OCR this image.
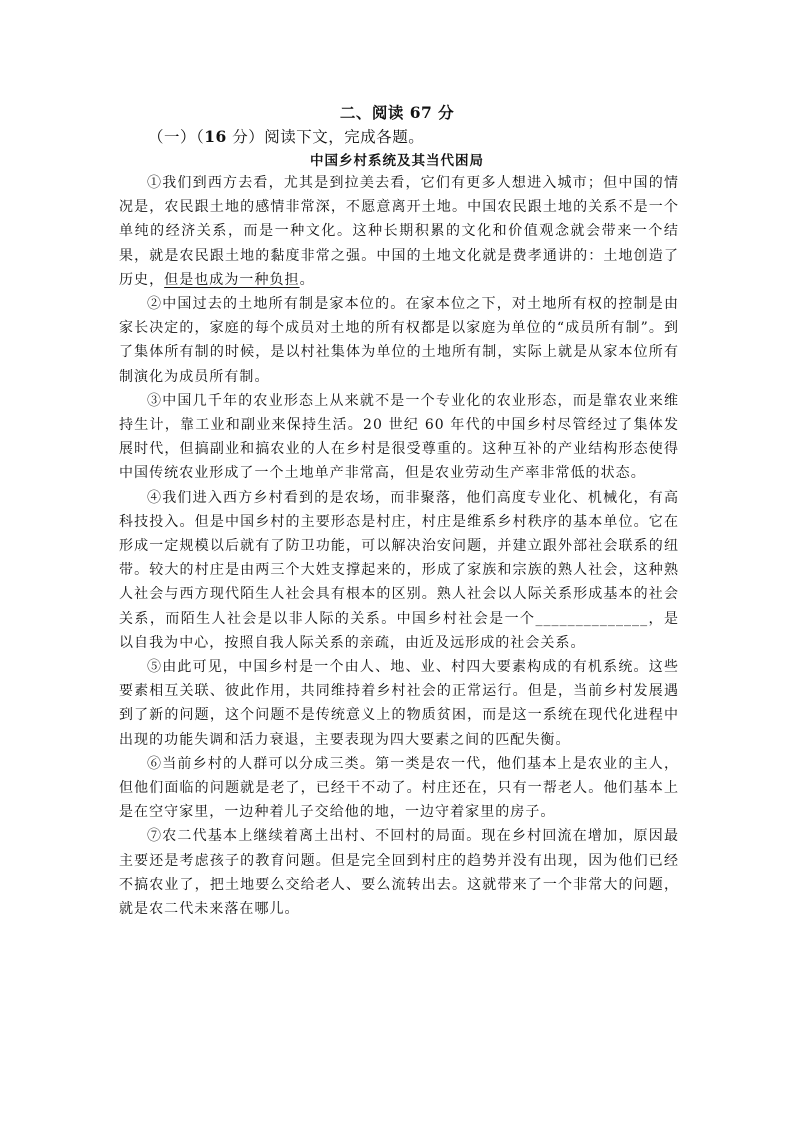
二、阅读 67 分
（一）（16 分）阅读下文，完成各题。
中国乡村系统及其当代困局

①我们到西方去看，尤其是到拉美去看，它们有更多人想进入城市；但中国的情况是，农民跟土地的感情非常深，不愿意离开土地。中国农民跟土地的关系不是一个单纯的经济关系，而是一种文化。这种长期积累的文化和价值观念就会带来一个结果，就是农民跟土地的黏度非常之强。中国的土地文化就是费孝通讲的：土地创造了历史，但是也成为一种负担。

②中国过去的土地所有制是家本位的。在家本位之下，对土地所有权的控制是由家长决定的，家庭的每个成员对土地的所有权都是以家庭为单位的“成员所有制”。到了集体所有制的时候，是以村社集体为单位的土地所有制，实际上就是从家本位所有制演化为成员所有制。

③中国几千年的农业形态上从来就不是一个专业化的农业形态，而是靠农业来维持生计，靠工业和副业来保持生活。20 世纪 60 年代的中国乡村尽管经过了集体发展时代，但搞副业和搞农业的人在乡村是很受尊重的。这种互补的产业结构形态使得中国传统农业形成了一个土地单产非常高，但是农业劳动生产率非常低的状态。

④我们进入西方乡村看到的是农场，而非聚落，他们高度专业化、机械化，有高科技投入。但是中国乡村的主要形态是村庄，村庄是维系乡村秩序的基本单位。它在形成一定规模以后就有了防卫功能，可以解决治安问题，并建立跟外部社会联系的纽带。较大的村庄是由两三个大姓支撑起来的，形成了家族和宗族的熟人社会，这种熟人社会与西方现代陌生人社会具有根本的区别。熟人社会以人际关系形成基本的社会关系，而陌生人社会是以非人际的关系。中国乡村社会是一个______________，是以自我为中心，按照自我人际关系的亲疏，由近及远形成的社会关系。

⑤由此可见，中国乡村是一个由人、地、业、村四大要素构成的有机系统。这些要素相互关联、彼此作用，共同维持着乡村社会的正常运行。但是，当前乡村发展遇到了新的问题，这个问题不是传统意义上的物质贫困，而是这一系统在现代化进程中出现的功能失调和活力衰退，主要表现为四大要素之间的匹配失衡。

⑥当前乡村的人群可以分成三类。第一类是农一代，他们基本上是农业的主人，但他们面临的问题就是老了，已经干不动了。村庄还在，只有一帮老人。他们基本上是在空守家里，一边种着儿子交给他的地，一边守着家里的房子。

⑦农二代基本上继续着离土出村、不回村的局面。现在乡村回流在增加，原因最主要还是考虑孩子的教育问题。但是完全回到村庄的趋势并没有出现，因为他们已经不搞农业了，把土地要么交给老人、要么流转出去。这就带来了一个非常大的问题，就是农二代未来落在哪儿。
